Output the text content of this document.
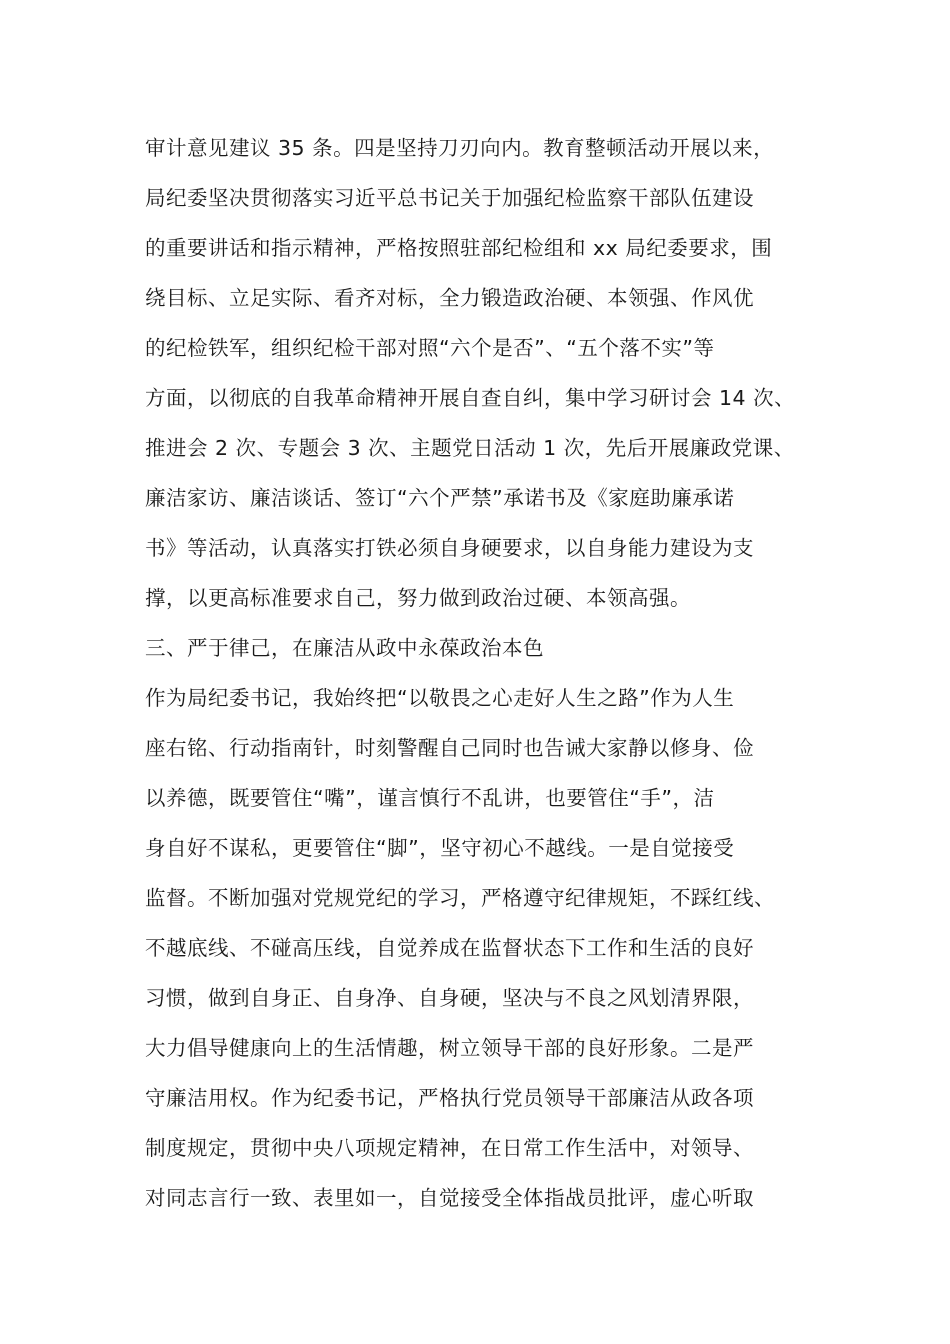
审计意见建议 35 条。四是坚持刀刃向内。教育整顿活动开展以来，
局纪委坚决贯彻落实习近平总书记关于加强纪检监察干部队伍建设
的重要讲话和指示精神，严格按照驻部纪检组和 xx 局纪委要求，围
绕目标、立足实际、看齐对标，全力锻造政治硬、本领强、作风优
的纪检铁军，组织纪检干部对照“六个是否”、“五个落不实”等
方面，以彻底的自我革命精神开展自查自纠，集中学习研讨会 14 次、
推进会 2 次、专题会 3 次、主题党日活动 1 次，先后开展廉政党课、
廉洁家访、廉洁谈话、签订“六个严禁”承诺书及《家庭助廉承诺
书》等活动，认真落实打铁必须自身硬要求，以自身能力建设为支
撑，以更高标准要求自己，努力做到政治过硬、本领高强。
三、严于律己，在廉洁从政中永葆政治本色
作为局纪委书记，我始终把“以敬畏之心走好人生之路”作为人生
座右铭、行动指南针，时刻警醒自己同时也告诫大家静以修身、俭
以养德，既要管住“嘴”，谨言慎行不乱讲，也要管住“手”，洁
身自好不谋私，更要管住“脚”，坚守初心不越线。一是自觉接受
监督。不断加强对党规党纪的学习，严格遵守纪律规矩，不踩红线、
不越底线、不碰高压线，自觉养成在监督状态下工作和生活的良好
习惯，做到自身正、自身净、自身硬，坚决与不良之风划清界限，
大力倡导健康向上的生活情趣，树立领导干部的良好形象。二是严
守廉洁用权。作为纪委书记，严格执行党员领导干部廉洁从政各项
制度规定，贯彻中央八项规定精神，在日常工作生活中，对领导、
对同志言行一致、表里如一，自觉接受全体指战员批评，虚心听取
